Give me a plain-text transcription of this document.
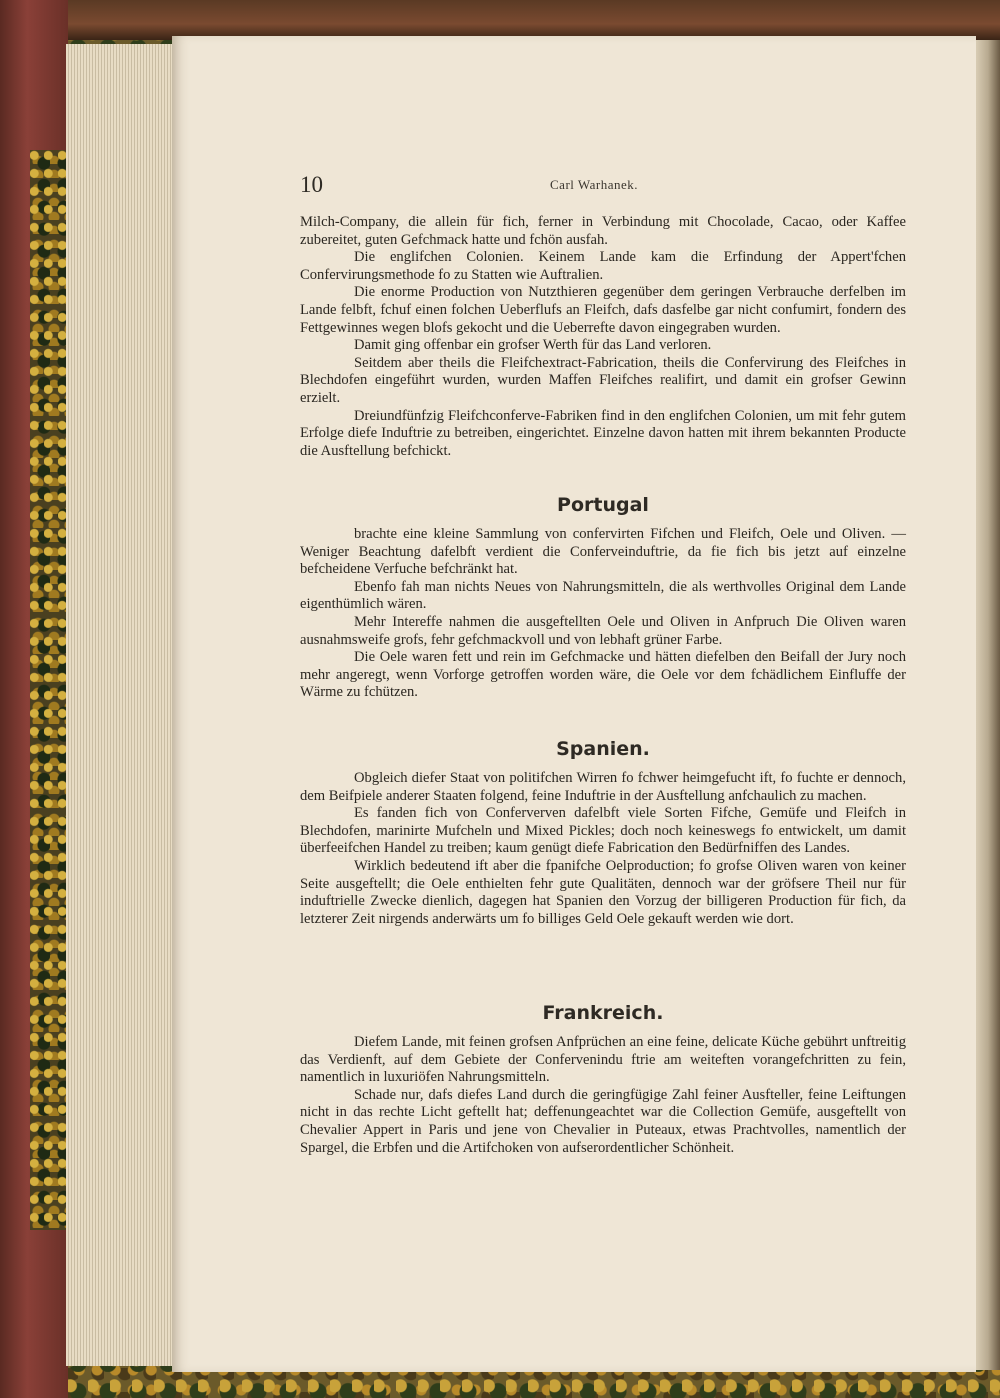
10	Carl Warhanek.

Milch-Company, die allein für fich, ferner in Verbindung mit Chocolade, Cacao, oder Kaffee zubereitet, guten Gefchmack hatte und fchön ausfah.

Die englifchen Colonien. Keinem Lande kam die Erfindung der Appert'fchen Confervirungsmethode fo zu Statten wie Auftralien.

Die enorme Production von Nutzthieren gegenüber dem geringen Verbrauche derfelben im Lande felbft, fchuf einen folchen Ueberflufs an Fleifch, dafs dasfelbe gar nicht confumirt, fondern des Fettgewinnes wegen blofs gekocht und die Ueberrefte davon eingegraben wurden.

Damit ging offenbar ein grofser Werth für das Land verloren.

Seitdem aber theils die Fleifchextract-Fabrication, theils die Confervirung des Fleifches in Blechdofen eingeführt wurden, wurden Maffen Fleifches realifirt, und damit ein grofser Gewinn erzielt.

Dreiundfünfzig Fleifchconferve-Fabriken find in den englifchen Colonien, um mit fehr gutem Erfolge diefe Induftrie zu betreiben, eingerichtet. Einzelne davon hatten mit ihrem bekannten Producte die Ausftellung befchickt.

Portugal

brachte eine kleine Sammlung von confervirten Fifchen und Fleifch, Oele und Oliven. — Weniger Beachtung dafelbft verdient die Conferveinduftrie, da fie fich bis jetzt auf einzelne befcheidene Verfuche befchränkt hat.

Ebenfo fah man nichts Neues von Nahrungsmitteln, die als werthvolles Original dem Lande eigenthümlich wären.

Mehr Intereffe nahmen die ausgeftellten Oele und Oliven in Anfpruch Die Oliven waren ausnahmsweife grofs, fehr gefchmackvoll und von lebhaft grüner Farbe.

Die Oele waren fett und rein im Gefchmacke und hätten diefelben den Beifall der Jury noch mehr angeregt, wenn Vorforge getroffen worden wäre, die Oele vor dem fchädlichem Einfluffe der Wärme zu fchützen.

Spanien.

Obgleich diefer Staat von politifchen Wirren fo fchwer heimgefucht ift, fo fuchte er dennoch, dem Beifpiele anderer Staaten folgend, feine Induftrie in der Ausftellung anfchaulich zu machen.

Es fanden fich von Conferverven dafelbft viele Sorten Fifche, Gemüfe und Fleifch in Blechdofen, marinirte Mufcheln und Mixed Pickles; doch noch keineswegs fo entwickelt, um damit überfeeifchen Handel zu treiben; kaum genügt diefe Fabrication den Bedürfniffen des Landes.

Wirklich bedeutend ift aber die fpanifche Oelproduction; fo grofse Oliven waren von keiner Seite ausgeftellt; die Oele enthielten fehr gute Qualitäten, dennoch war der gröfsere Theil nur für induftrielle Zwecke dienlich, dagegen hat Spanien den Vorzug der billigeren Production für fich, da letzterer Zeit nirgends anderwärts um fo billiges Geld Oele gekauft werden wie dort.

Frankreich.

Diefem Lande, mit feinen grofsen Anfprüchen an eine feine, delicate Küche gebührt unftreitig das Verdienft, auf dem Gebiete der Confervenindu ftrie am weiteften vorangefchritten zu fein, namentlich in luxuriöfen Nahrungsmitteln.

Schade nur, dafs diefes Land durch die geringfügige Zahl feiner Ausfteller, feine Leiftungen nicht in das rechte Licht geftellt hat; deffenungeachtet war die Collection Gemüfe, ausgeftellt von Chevalier Appert in Paris und jene von Chevalier in Puteaux, etwas Prachtvolles, namentlich der Spargel, die Erbfen und die Artifchoken von aufserordentlicher Schönheit.
